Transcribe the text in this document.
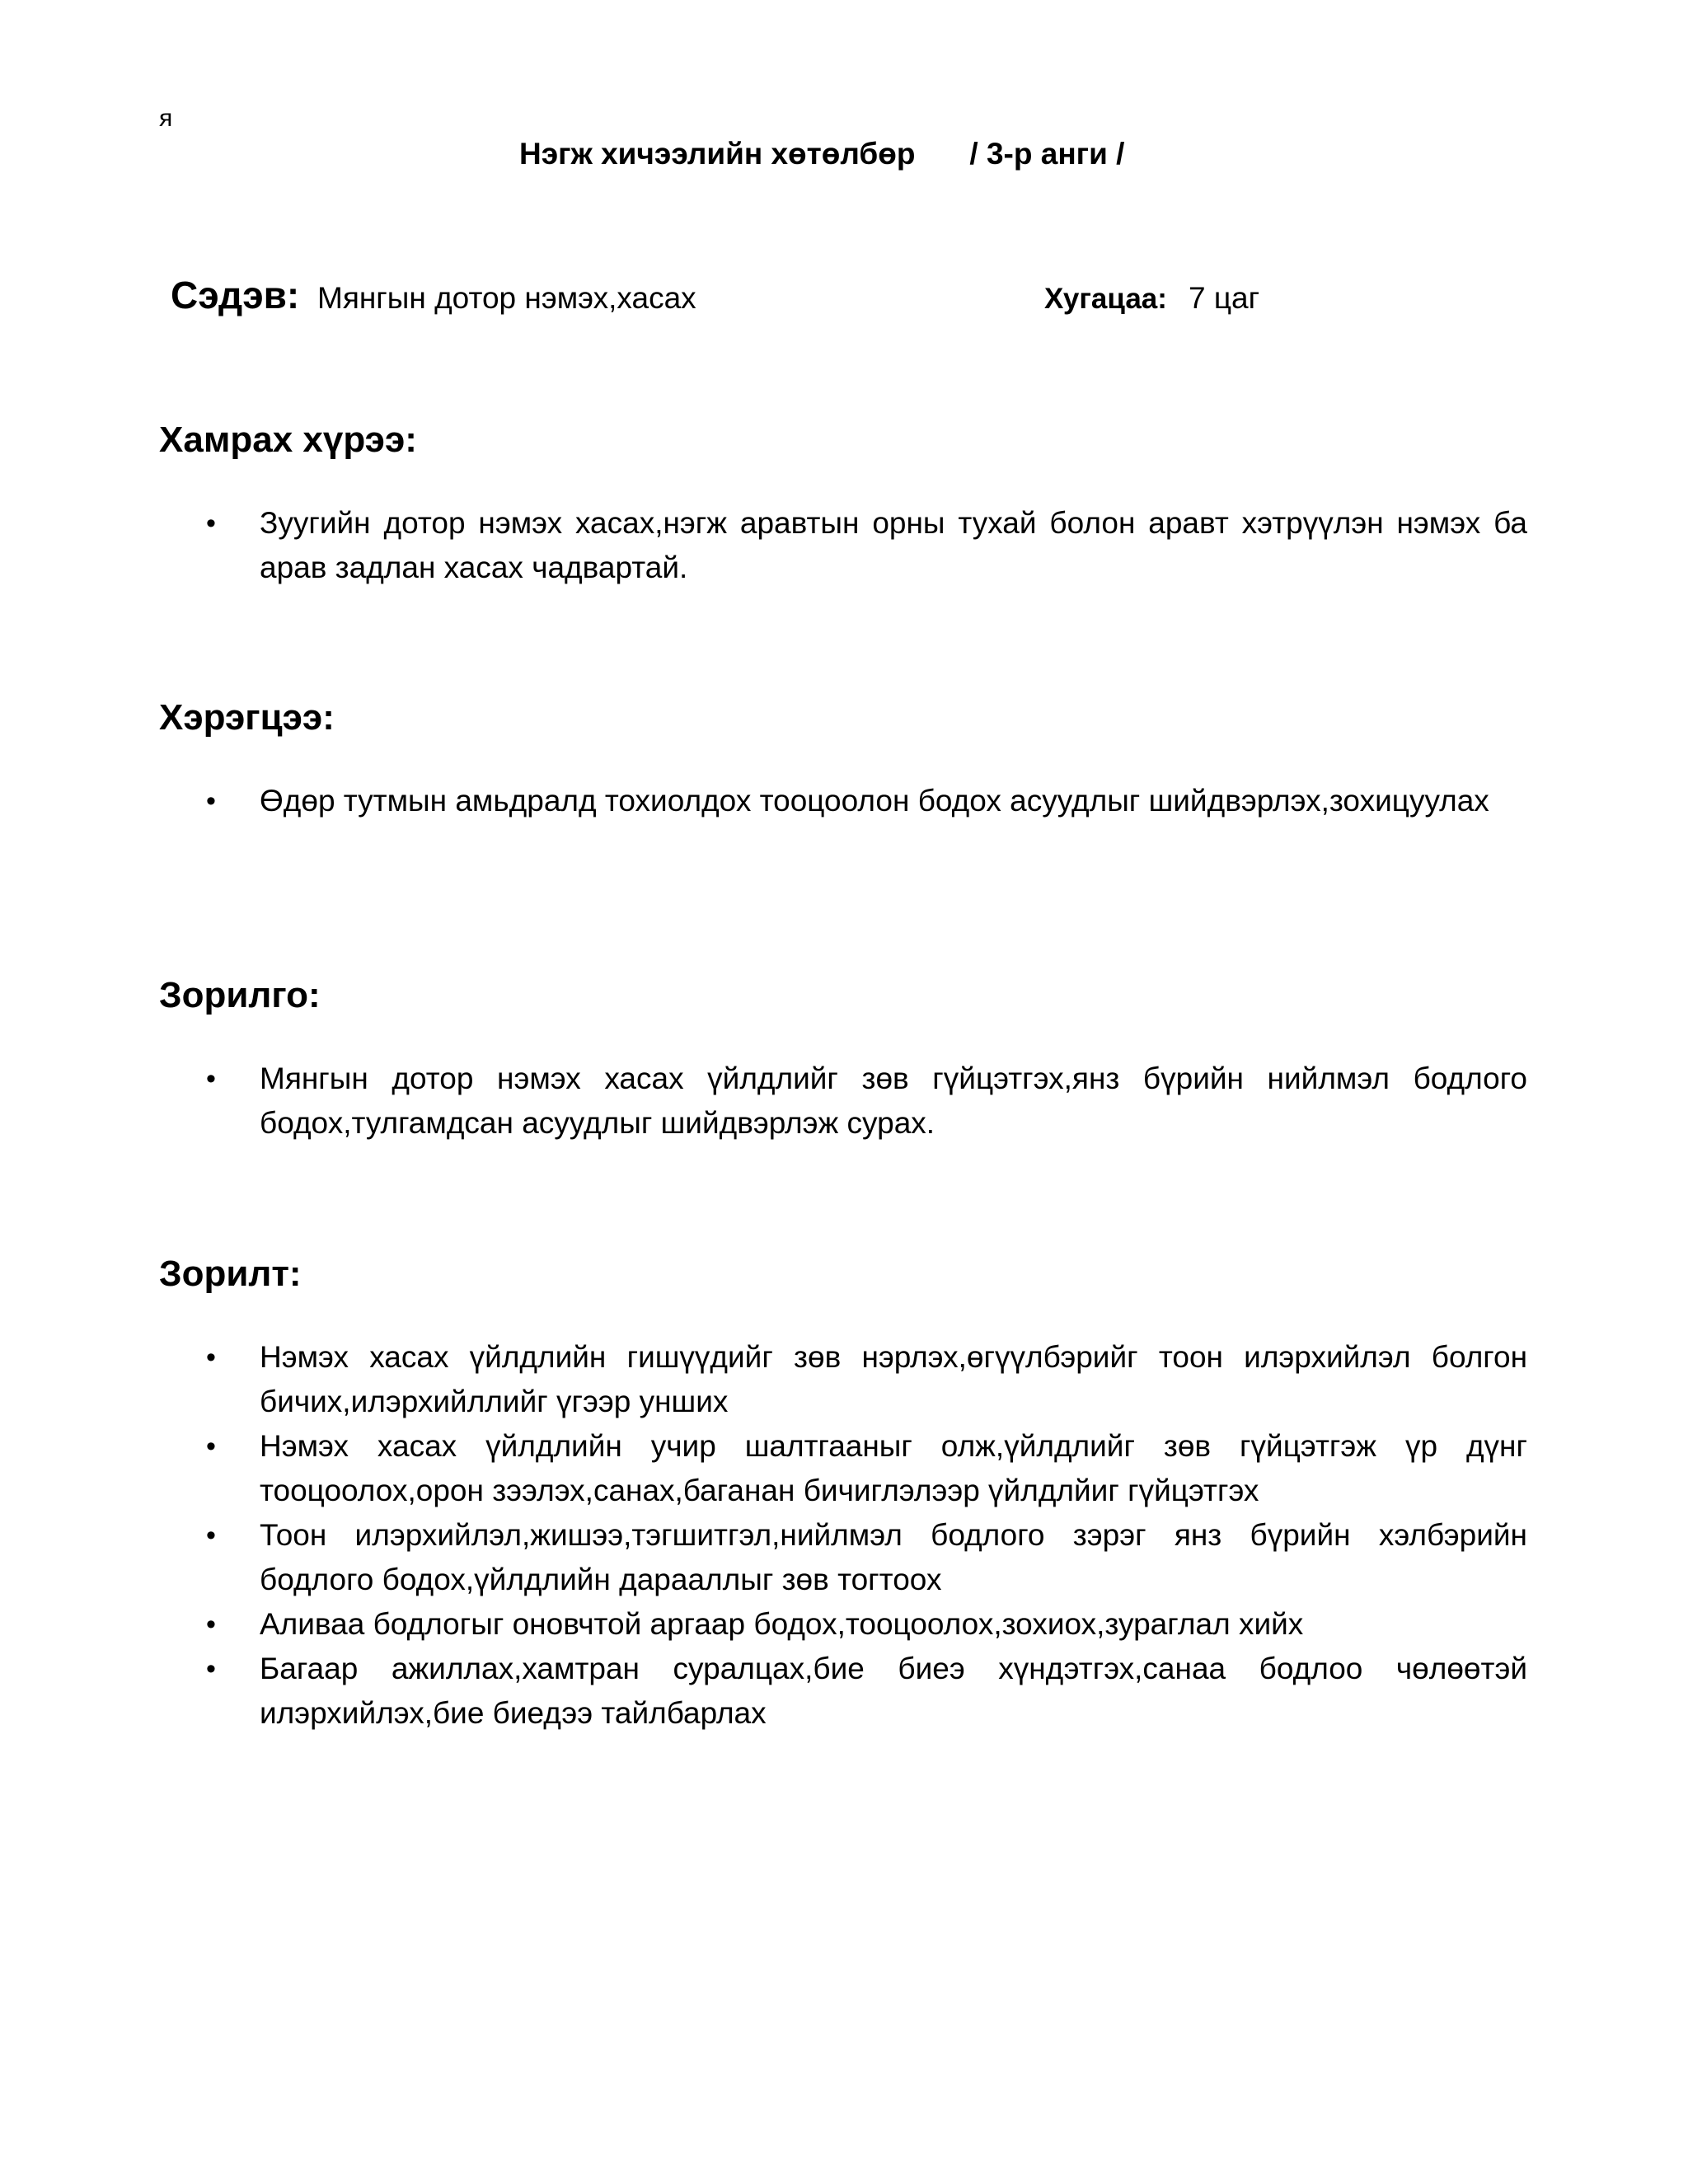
я
Нэгж хичээлийн хөтөлбөр / 3-р анги /
Сэдэв: Мянгын дотор нэмэх,хасах	Хугацаа: 7 цаг
Хамрах хүрээ:
• Зуугийн дотор нэмэх хасах,нэгж аравтын орны тухай болон аравт хэтрүүлэн нэмэх ба арав задлан хасах чадвартай.
Хэрэгцээ:
• Өдөр тутмын амьдралд тохиолдох тооцоолон бодох асуудлыг шийдвэрлэх,зохицуулах
Зорилго:
• Мянгын дотор нэмэх хасах үйлдлийг зөв гүйцэтгэх,янз бүрийн нийлмэл бодлого бодох,тулгамдсан асуудлыг шийдвэрлэж сурах.
Зорилт:
• Нэмэх хасах үйлдлийн гишүүдийг зөв нэрлэх,өгүүлбэрийг тоон илэрхийлэл болгон бичих,илэрхийллийг үгээр унших
• Нэмэх хасах үйлдлийн учир шалтгааныг олж,үйлдлийг зөв гүйцэтгэж үр дүнг тооцоолох,орон зээлэх,санах,баганан бичиглэлээр үйлдлйиг гүйцэтгэх
• Тоон илэрхийлэл,жишээ,тэгшитгэл,нийлмэл бодлого зэрэг янз бүрийн хэлбэрийн бодлого бодох,үйлдлийн дарааллыг зөв тогтоох
• Аливаа бодлогыг оновчтой аргаар бодох,тооцоолох,зохиох,зураглал хийх
• Багаар ажиллах,хамтран суралцах,бие биеэ хүндэтгэх,санаа бодлоо чөлөөтэй илэрхийлэх,бие биедээ тайлбарлах
